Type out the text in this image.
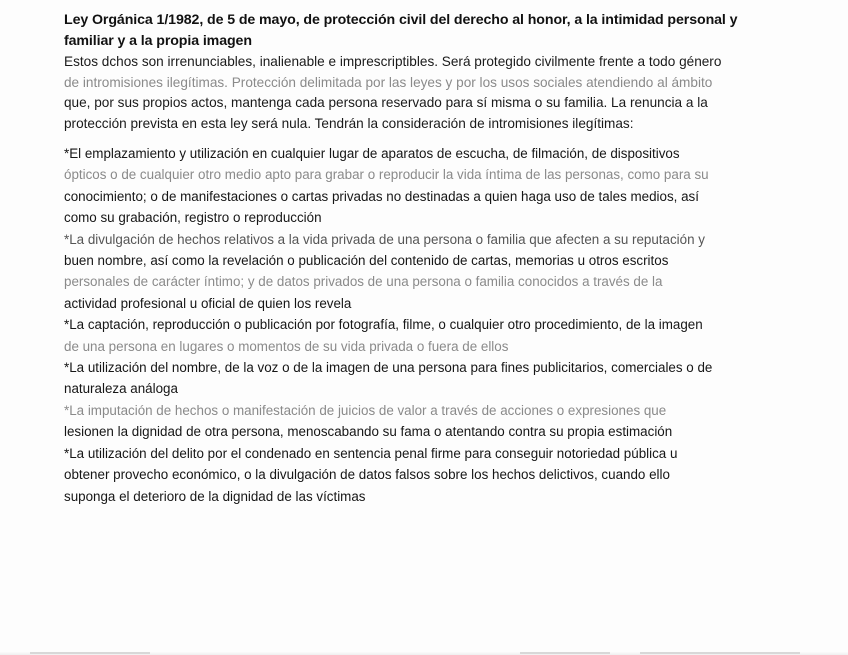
Ley Orgánica 1/1982, de 5 de mayo, de protección civil del derecho al honor, a la intimidad personal y familiar y a la propia imagen

Estos dchos son irrenunciables, inalienable e imprescriptibles. Será protegido civilmente frente a todo género

de intromisiones ilegítimas. Protección delimitada por las leyes y por los usos sociales atendiendo al ámbito

que, por sus propios actos, mantenga cada persona reservado para sí misma o su familia. La renuncia a la

protección prevista en esta ley será nula. Tendrán la consideración de intromisiones ilegítimas:

*El emplazamiento y utilización en cualquier lugar de aparatos de escucha, de filmación, de dispositivos

ópticos o de cualquier otro medio apto para grabar o reproducir la vida íntima de las personas, como para su

conocimiento; o de manifestaciones o cartas privadas no destinadas a quien haga uso de tales medios, así

como su grabación, registro o reproducción

*La divulgación de hechos relativos a la vida privada de una persona o familia que afecten a su reputación y

buen nombre, así como la revelación o publicación del contenido de cartas, memorias u otros escritos

personales de carácter íntimo; y de datos privados de una persona o familia conocidos a través de la

actividad profesional u oficial de quien los revela

*La captación, reproducción o publicación por fotografía, filme, o cualquier otro procedimiento, de la imagen

de una persona en lugares o momentos de su vida privada o fuera de ellos

*La utilización del nombre, de la voz o de la imagen de una persona para fines publicitarios, comerciales o de

naturaleza análoga

*La imputación de hechos o manifestación de juicios de valor a través de acciones o expresiones que

lesionen la dignidad de otra persona, menoscabando su fama o atentando contra su propia estimación

*La utilización del delito por el condenado en sentencia penal firme para conseguir notoriedad pública u

obtener provecho económico, o la divulgación de datos falsos sobre los hechos delictivos, cuando ello

suponga el deterioro de la dignidad de las víctimas
